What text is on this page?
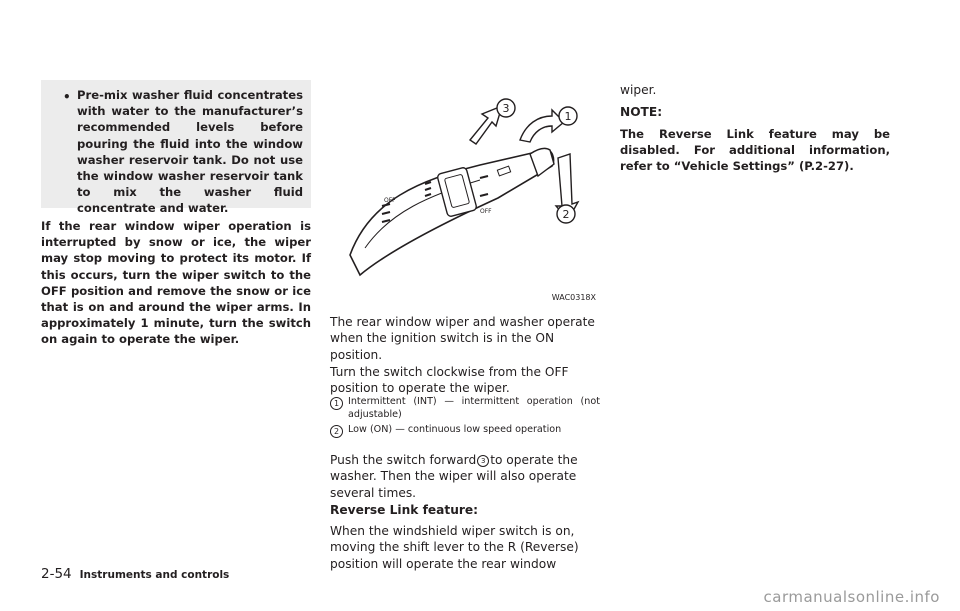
• Pre-mix washer fluid concentrates with water to the manufacturer’s recommended levels before pouring the fluid into the window washer reservoir tank. Do not use the window washer reservoir tank to mix the washer fluid concentrate and water.
If the rear window wiper operation is interrupted by snow or ice, the wiper may stop moving to protect its motor. If this occurs, turn the wiper switch to the OFF position and remove the snow or ice that is on and around the wiper arms. In approximately 1 minute, turn the switch on again to operate the wiper.
OFF
OFF
3
1
2
WAC0318X

The rear window wiper and washer operate when the ignition switch is in the ON position.

Turn the switch clockwise from the OFF position to operate the wiper.

1 Intermittent (INT) — intermittent operation (not adjustable)
2 Low (ON) — continuous low speed operation

Push the switch forward 3 to operate the washer. Then the wiper will also operate several times.

Reverse Link feature:

When the windshield wiper switch is on, moving the shift lever to the R (Reverse) position will operate the rear window

wiper.

NOTE:
The Reverse Link feature may be disabled. For additional information, refer to “Vehicle Settings” (P.2-27).
2-54 Instruments and controls
carmanualsonline.info
